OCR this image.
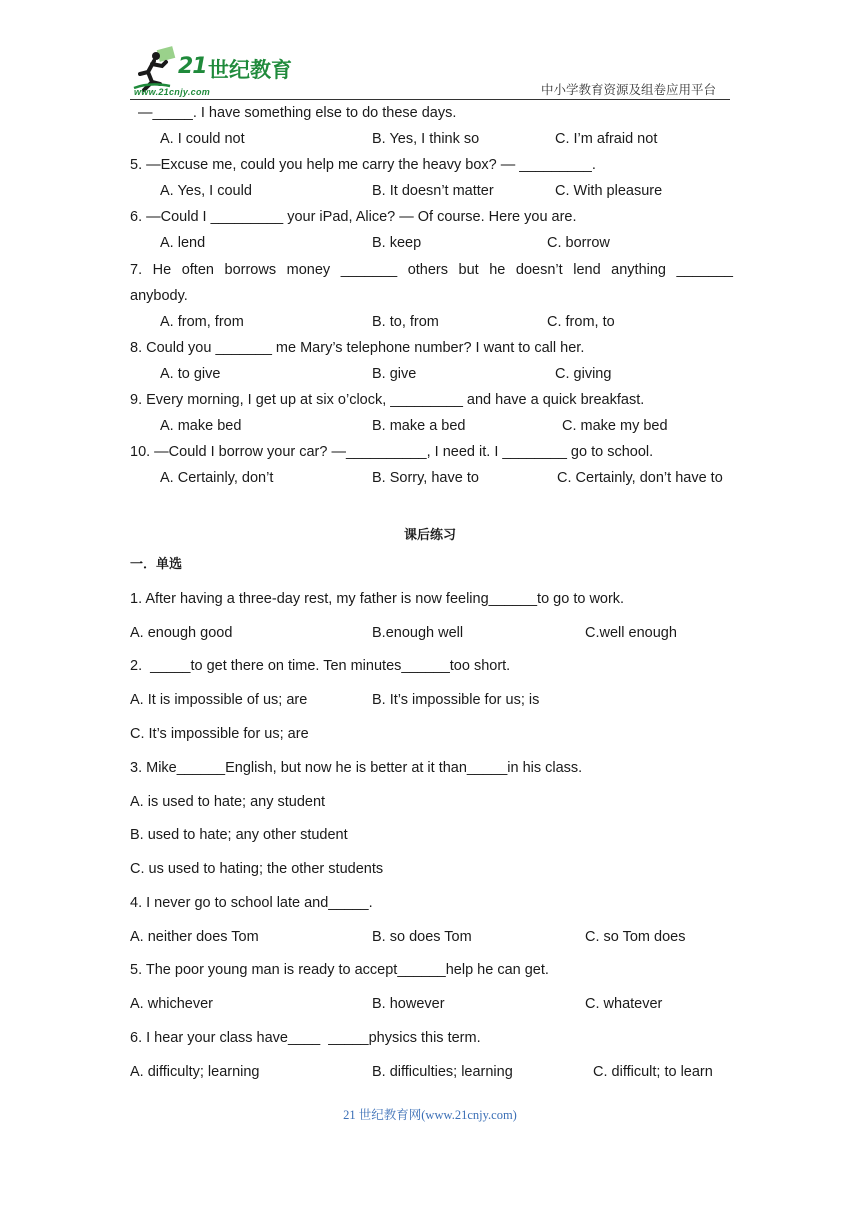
21 世纪教育
www.21cnjy.com	中小学教育资源及组卷应用平台
—_____. I have something else to do these days.
A. I could not	B. Yes, I think so	C. I’m afraid not
5. —Excuse me, could you help me carry the heavy box? — _________.
A. Yes, I could	B. It doesn’t matter	C. With pleasure
6. —Could I _________ your iPad, Alice? — Of course. Here you are.
A. lend	B. keep	C. borrow
7. He often borrows money _______ others but he doesn’t lend anything _______
anybody.
A. from, from	B. to, from	C. from, to
8. Could you _______ me Mary’s telephone number? I want to call her.
A. to give	B. give	C. giving
9. Every morning, I get up at six o’clock, _________ and have a quick breakfast.
A. make bed	B. make a bed	C. make my bed
10. —Could I borrow your car? —__________, I need it. I ________ go to school.
A. Certainly, don’t	B. Sorry, have to	C. Certainly, don’t have to
课后练习
一．单选
1. After having a three-day rest, my father is now feeling______to go to work.
A. enough good	B.enough well	C.well enough
2.  _____to get there on time. Ten minutes______too short.
A. It is impossible of us; are	B. It’s impossible for us; is
C. It’s impossible for us; are
3. Mike______English, but now he is better at it than_____in his class.
A. is used to hate; any student
B. used to hate; any other student
C. us used to hating; the other students
4. I never go to school late and_____.
A. neither does Tom	B. so does Tom	C. so Tom does
5. The poor young man is ready to accept______help he can get.
A. whichever	B. however	C. whatever
6. I hear your class have____  _____physics this term.
A. difficulty; learning	B. difficulties; learning	C. difficult; to learn
21 世纪教育网(www.21cnjy.com)
